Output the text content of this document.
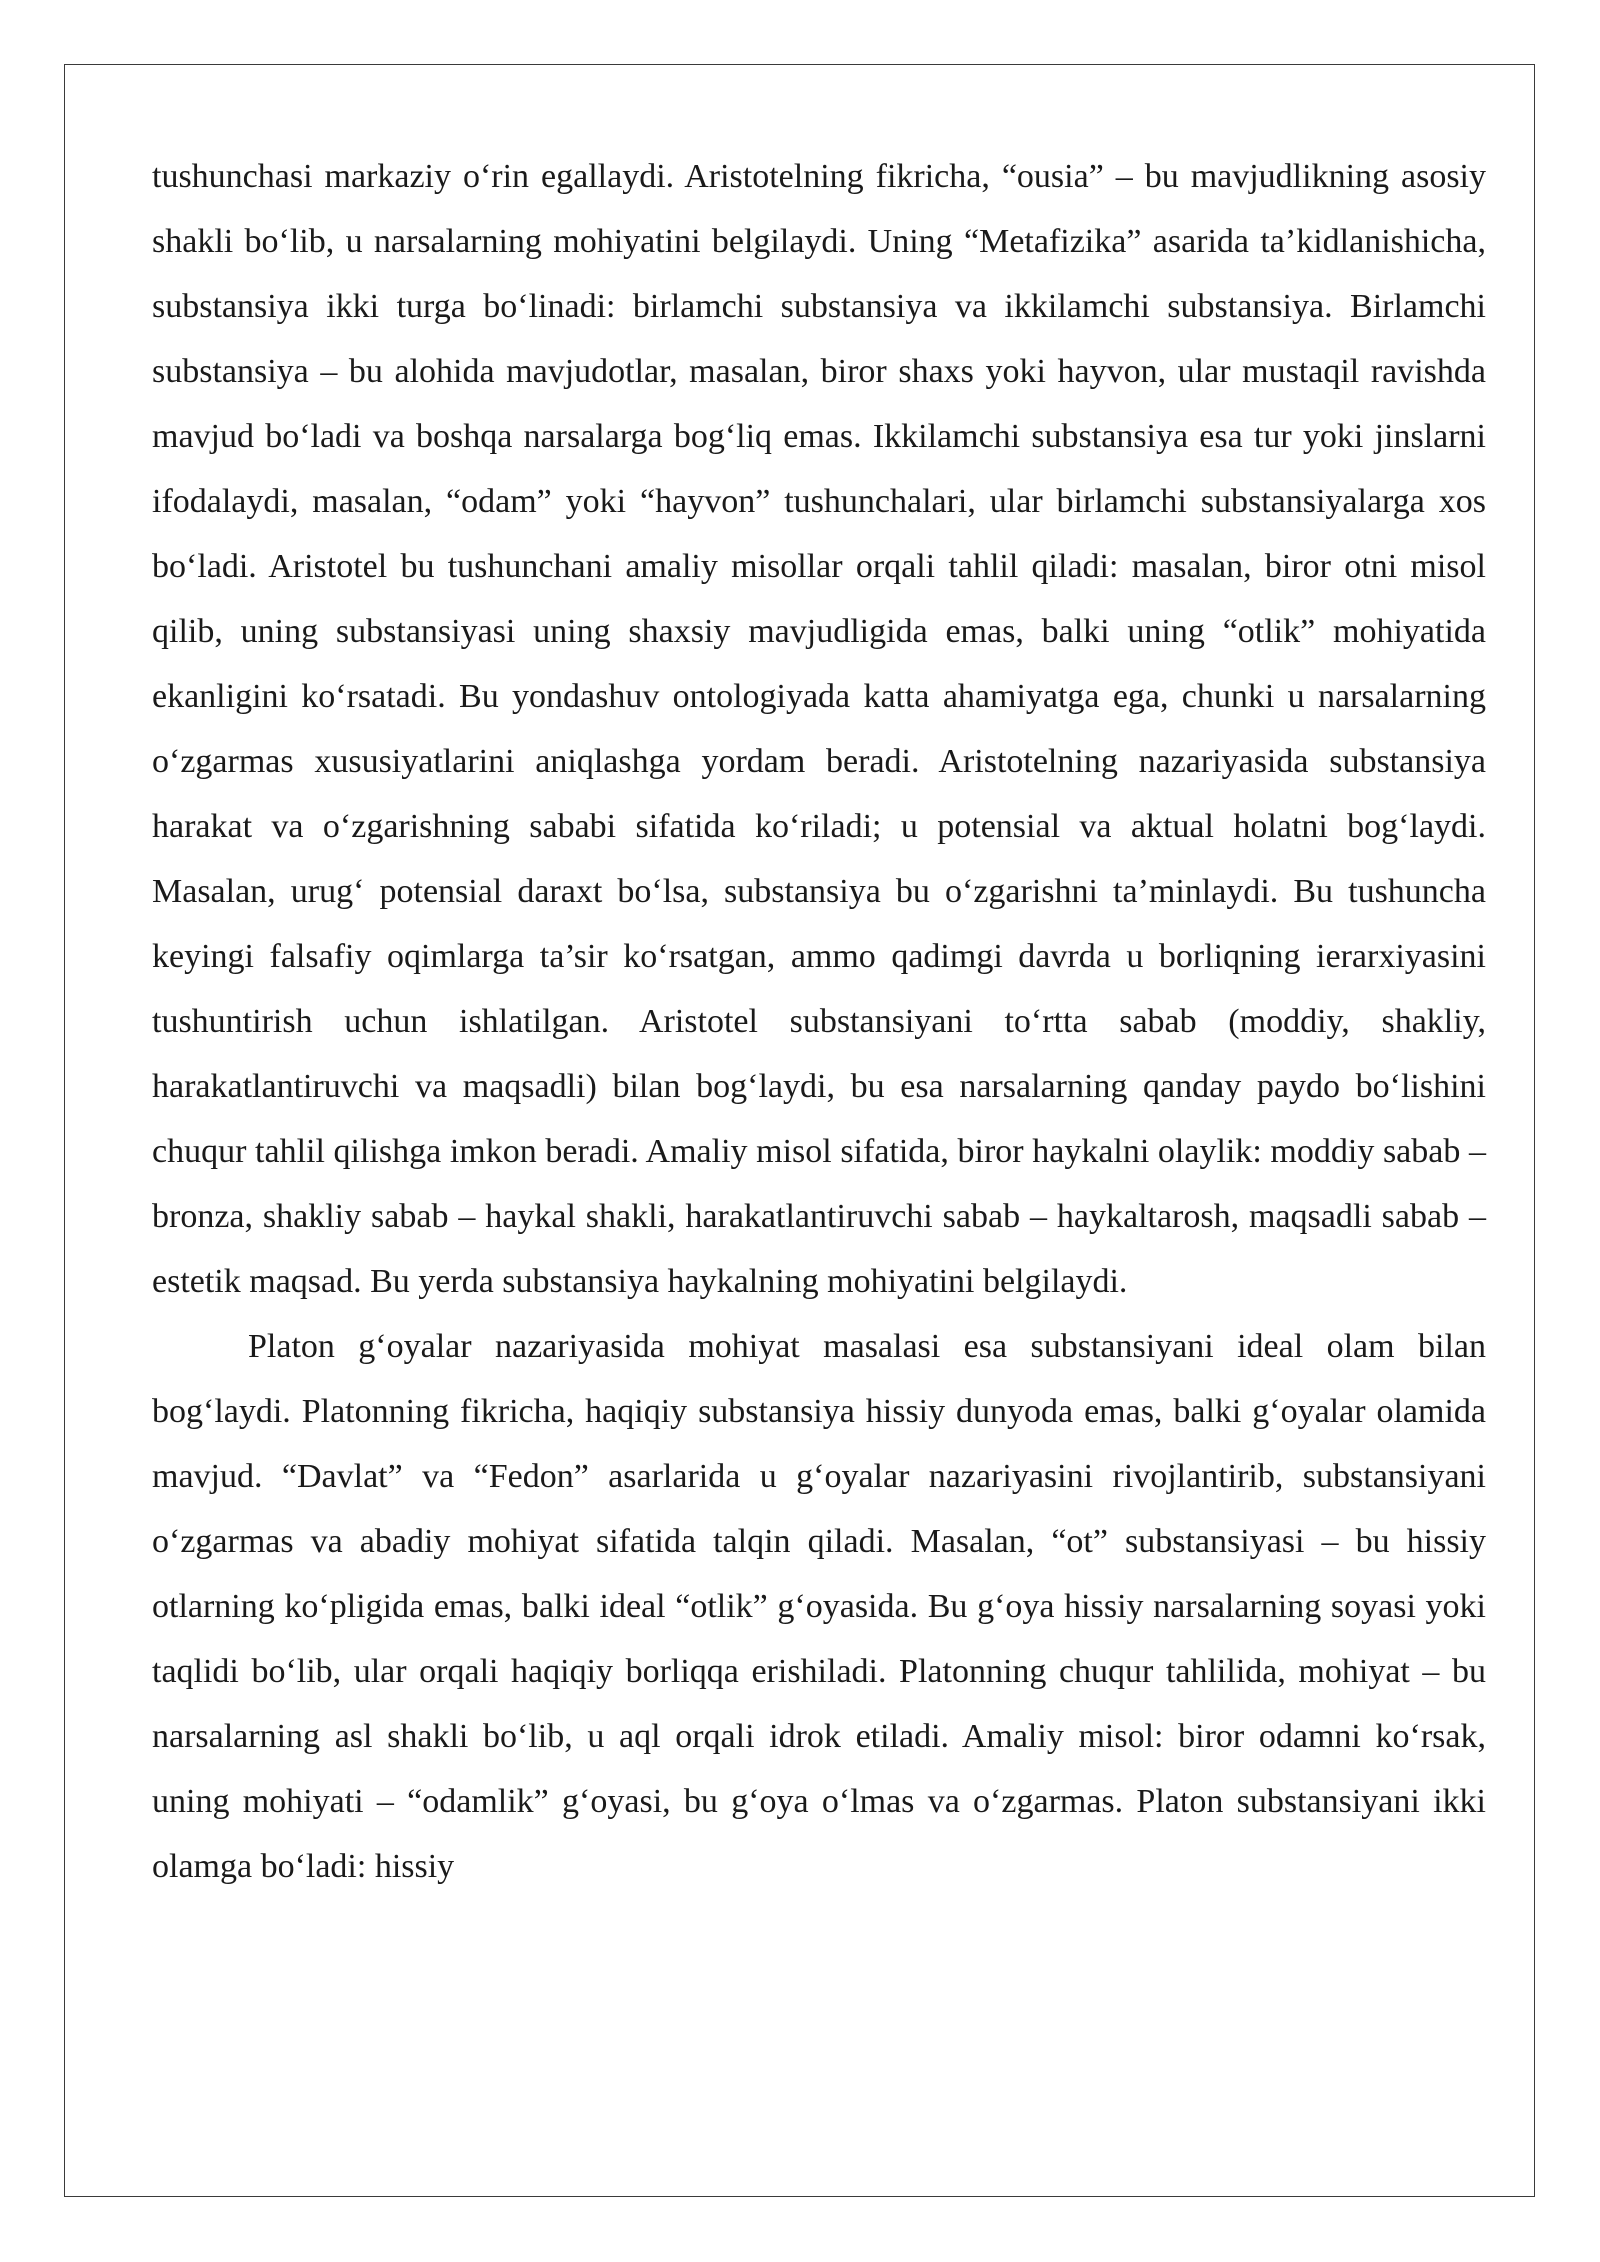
tushunchasi markaziy o‘rin egallaydi. Aristotelning fikricha, “ousia” – bu mavjudlikning asosiy shakli bo‘lib, u narsalarning mohiyatini belgilaydi. Uning “Metafizika” asarida ta’kidlanishicha, substansiya ikki turga bo‘linadi: birlamchi substansiya va ikkilamchi substansiya. Birlamchi substansiya – bu alohida mavjudotlar, masalan, biror shaxs yoki hayvon, ular mustaqil ravishda mavjud bo‘ladi va boshqa narsalarga bog‘liq emas. Ikkilamchi substansiya esa tur yoki jinslarni ifodalaydi, masalan, “odam” yoki “hayvon” tushunchalari, ular birlamchi substansiyalarga xos bo‘ladi. Aristotel bu tushunchani amaliy misollar orqali tahlil qiladi: masalan, biror otni misol qilib, uning substansiyasi uning shaxsiy mavjudligida emas, balki uning “otlik” mohiyatida ekanligini ko‘rsatadi. Bu yondashuv ontologiyada katta ahamiyatga ega, chunki u narsalarning o‘zgarmas xususiyatlarini aniqlashga yordam beradi. Aristotelning nazariyasida substansiya harakat va o‘zgarishning sababi sifatida ko‘riladi; u potensial va aktual holatni bog‘laydi. Masalan, urug‘ potensial daraxt bo‘lsa, substansiya bu o‘zgarishni ta’minlaydi. Bu tushuncha keyingi falsafiy oqimlarga ta’sir ko‘rsatgan, ammo qadimgi davrda u borliqning ierarxiyasini tushuntirish uchun ishlatilgan. Aristotel substansiyani to‘rtta sabab (moddiy, shakliy, harakatlantiruvchi va maqsadli) bilan bog‘laydi, bu esa narsalarning qanday paydo bo‘lishini chuqur tahlil qilishga imkon beradi. Amaliy misol sifatida, biror haykalni olaylik: moddiy sabab – bronza, shakliy sabab – haykal shakli, harakatlantiruvchi sabab – haykaltarosh, maqsadli sabab – estetik maqsad. Bu yerda substansiya haykalning mohiyatini belgilaydi.

Platon g‘oyalar nazariyasida mohiyat masalasi esa substansiyani ideal olam bilan bog‘laydi. Platonning fikricha, haqiqiy substansiya hissiy dunyoda emas, balki g‘oyalar olamida mavjud. “Davlat” va “Fedon” asarlarida u g‘oyalar nazariyasini rivojlantirib, substansiyani o‘zgarmas va abadiy mohiyat sifatida talqin qiladi. Masalan, “ot” substansiyasi – bu hissiy otlarning ko‘pligida emas, balki ideal “otlik” g‘oyasida. Bu g‘oya hissiy narsalarning soyasi yoki taqlidi bo‘lib, ular orqali haqiqiy borliqqa erishiladi. Platonning chuqur tahlilida, mohiyat – bu narsalarning asl shakli bo‘lib, u aql orqali idrok etiladi. Amaliy misol: biror odamni ko‘rsak, uning mohiyati – “odamlik” g‘oyasi, bu g‘oya o‘lmas va o‘zgarmas. Platon substansiyani ikki olamga bo‘ladi: hissiy
